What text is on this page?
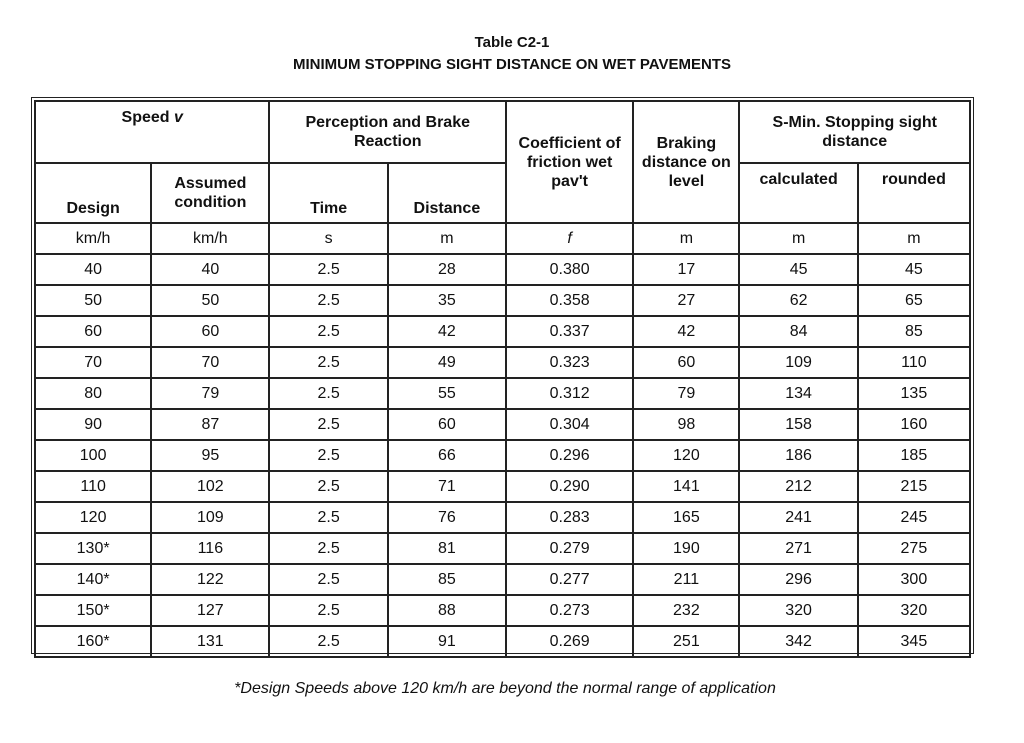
Table C2-1
MINIMUM STOPPING SIGHT DISTANCE ON WET PAVEMENTS
Speed v		Perception and Brake Reaction		Coefficient of friction wet pav't	Braking distance on level	S-Min. Stopping sight distance	
Design	Assumed condition	Time	Distance			calculated	rounded
km/h	km/h	s	m	f	m	m	m
40	40	2.5	28	0.380	17	45	45
50	50	2.5	35	0.358	27	62	65
60	60	2.5	42	0.337	42	84	85
70	70	2.5	49	0.323	60	109	110
80	79	2.5	55	0.312	79	134	135
90	87	2.5	60	0.304	98	158	160
100	95	2.5	66	0.296	120	186	185
110	102	2.5	71	0.290	141	212	215
120	109	2.5	76	0.283	165	241	245
130*	116	2.5	81	0.279	190	271	275
140*	122	2.5	85	0.277	211	296	300
150*	127	2.5	88	0.273	232	320	320
160*	131	2.5	91	0.269	251	342	345
*Design Speeds above 120 km/h are beyond the normal range of application
